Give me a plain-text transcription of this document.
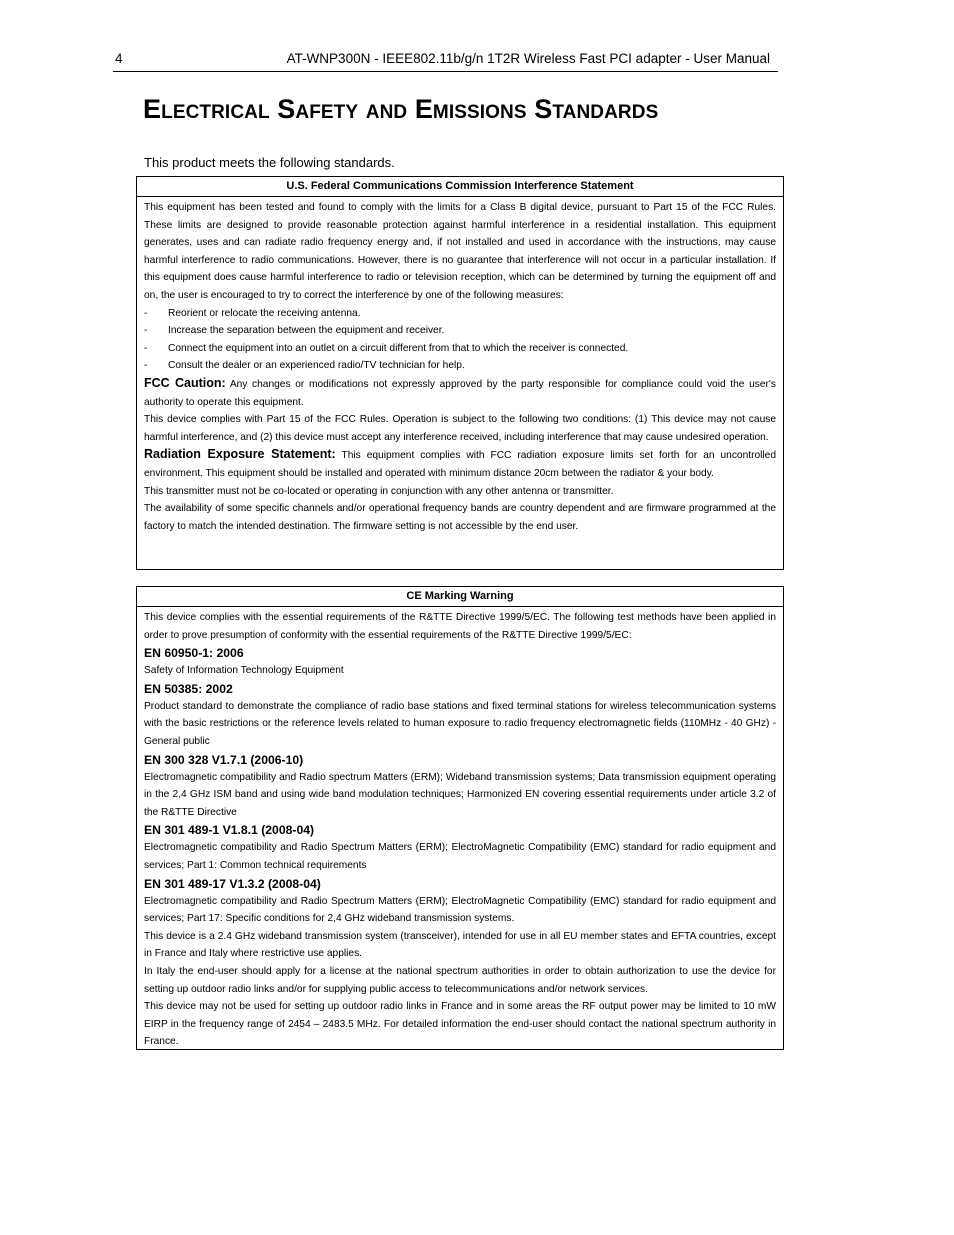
4	AT-WNP300N - IEEE802.11b/g/n 1T2R Wireless Fast PCI adapter - User Manual
Electrical Safety and Emissions Standards
This product meets the following standards.
U.S. Federal Communications Commission Interference Statement

This equipment has been tested and found to comply with the limits for a Class B digital device, pursuant to Part 15 of the FCC Rules. These limits are designed to provide reasonable protection against harmful interference in a residential installation. This equipment generates, uses and can radiate radio frequency energy and, if not installed and used in accordance with the instructions, may cause harmful interference to radio communications. However, there is no guarantee that interference will not occur in a particular installation. If this equipment does cause harmful interference to radio or television reception, which can be determined by turning the equipment off and on, the user is encouraged to try to correct the interference by one of the following measures:

- Reorient or relocate the receiving antenna.
- Increase the separation between the equipment and receiver.
- Connect the equipment into an outlet on a circuit different from that to which the receiver is connected.
- Consult the dealer or an experienced radio/TV technician for help.

FCC Caution: Any changes or modifications not expressly approved by the party responsible for compliance could void the user's authority to operate this equipment.

This device complies with Part 15 of the FCC Rules. Operation is subject to the following two conditions: (1) This device may not cause harmful interference, and (2) this device must accept any interference received, including interference that may cause undesired operation.

Radiation Exposure Statement: This equipment complies with FCC radiation exposure limits set forth for an uncontrolled environment. This equipment should be installed and operated with minimum distance 20cm between the radiator & your body.

This transmitter must not be co-located or operating in conjunction with any other antenna or transmitter.

The availability of some specific channels and/or operational frequency bands are country dependent and are firmware programmed at the factory to match the intended destination. The firmware setting is not accessible by the end user.

CE Marking Warning

This device complies with the essential requirements of the R&TTE Directive 1999/5/EC. The following test methods have been applied in order to prove presumption of conformity with the essential requirements of the R&TTE Directive 1999/5/EC:

EN 60950-1: 2006

Safety of Information Technology Equipment

EN 50385: 2002

Product standard to demonstrate the compliance of radio base stations and fixed terminal stations for wireless telecommunication systems with the basic restrictions or the reference levels related to human exposure to radio frequency electromagnetic fields (110MHz - 40 GHz) - General public

EN 300 328 V1.7.1 (2006-10)

Electromagnetic compatibility and Radio spectrum Matters (ERM); Wideband transmission systems; Data transmission equipment operating in the 2,4 GHz ISM band and using wide band modulation techniques; Harmonized EN covering essential requirements under article 3.2 of the R&TTE Directive

EN 301 489-1 V1.8.1 (2008-04)

Electromagnetic compatibility and Radio Spectrum Matters (ERM); ElectroMagnetic Compatibility (EMC) standard for radio equipment and services; Part 1: Common technical requirements

EN 301 489-17 V1.3.2 (2008-04)

Electromagnetic compatibility and Radio Spectrum Matters (ERM); ElectroMagnetic Compatibility (EMC) standard for radio equipment and services; Part 17: Specific conditions for 2,4 GHz wideband transmission systems.

This device is a 2.4 GHz wideband transmission system (transceiver), intended for use in all EU member states and EFTA countries, except in France and Italy where restrictive use applies.

In Italy the end-user should apply for a license at the national spectrum authorities in order to obtain authorization to use the device for setting up outdoor radio links and/or for supplying public access to telecommunications and/or network services.

This device may not be used for setting up outdoor radio links in France and in some areas the RF output power may be limited to 10 mW EIRP in the frequency range of 2454 – 2483.5 MHz. For detailed information the end-user should contact the national spectrum authority in France.
